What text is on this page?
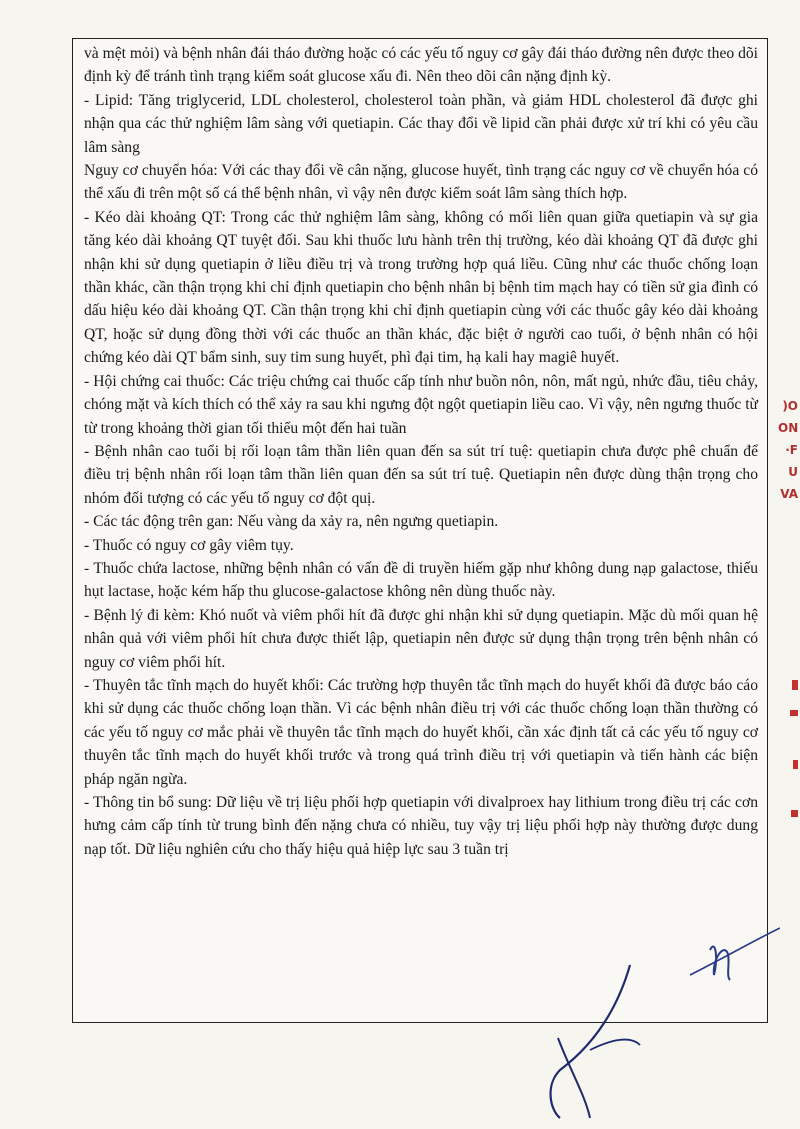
và mệt mỏi) và bệnh nhân đái tháo đường hoặc có các yếu tố nguy cơ gây đái tháo đường nên được theo dõi định kỳ để tránh tình trạng kiểm soát glucose xấu đi. Nên theo dõi cân nặng định kỳ.

- Lipid: Tăng triglycerid, LDL cholesterol, cholesterol toàn phần, và giảm HDL cholesterol đã được ghi nhận qua các thử nghiệm lâm sàng với quetiapin. Các thay đổi về lipid cần phải được xử trí khi có yêu cầu lâm sàng

Nguy cơ chuyển hóa: Với các thay đổi về cân nặng, glucose huyết, tình trạng các nguy cơ về chuyển hóa có thể xấu đi trên một số cá thể bệnh nhân, vì vậy nên được kiểm soát lâm sàng thích hợp.

- Kéo dài khoảng QT: Trong các thử nghiệm lâm sàng, không có mối liên quan giữa quetiapin và sự gia tăng kéo dài khoảng QT tuyệt đối. Sau khi thuốc lưu hành trên thị trường, kéo dài khoảng QT đã được ghi nhận khi sử dụng quetiapin ở liều điều trị và trong trường hợp quá liều. Cũng như các thuốc chống loạn thần khác, cần thận trọng khi chỉ định quetiapin cho bệnh nhân bị bệnh tim mạch hay có tiền sử gia đình có dấu hiệu kéo dài khoảng QT. Cần thận trọng khi chỉ định quetiapin cùng với các thuốc gây kéo dài khoảng QT, hoặc sử dụng đồng thời với các thuốc an thần khác, đặc biệt ở người cao tuổi, ở bệnh nhân có hội chứng kéo dài QT bẩm sinh, suy tim sung huyết, phì đại tim, hạ kali hay magiê huyết.

- Hội chứng cai thuốc: Các triệu chứng cai thuốc cấp tính như buồn nôn, nôn, mất ngủ, nhức đầu, tiêu chảy, chóng mặt và kích thích có thể xảy ra sau khi ngưng đột ngột quetiapin liều cao. Vì vậy, nên ngưng thuốc từ từ trong khoảng thời gian tối thiểu một đến hai tuần

- Bệnh nhân cao tuổi bị rối loạn tâm thần liên quan đến sa sút trí tuệ: quetiapin chưa được phê chuẩn để điều trị bệnh nhân rối loạn tâm thần liên quan đến sa sút trí tuệ. Quetiapin nên được dùng thận trọng cho nhóm đối tượng có các yếu tố nguy cơ đột quị.

- Các tác động trên gan: Nếu vàng da xảy ra, nên ngưng quetiapin.

- Thuốc có nguy cơ gây viêm tụy.

- Thuốc chứa lactose, những bệnh nhân có vấn đề di truyền hiếm gặp như không dung nạp galactose, thiếu hụt lactase, hoặc kém hấp thu glucose-galactose không nên dùng thuốc này.

- Bệnh lý đi kèm: Khó nuốt và viêm phổi hít đã được ghi nhận khi sử dụng quetiapin. Mặc dù mối quan hệ nhân quả với viêm phổi hít chưa được thiết lập, quetiapin nên được sử dụng thận trọng trên bệnh nhân có nguy cơ viêm phổi hít.

- Thuyên tắc tĩnh mạch do huyết khối: Các trường hợp thuyên tắc tĩnh mạch do huyết khối đã được báo cáo khi sử dụng các thuốc chống loạn thần. Vì các bệnh nhân điều trị với các thuốc chống loạn thần thường có các yếu tố nguy cơ mắc phải về thuyên tắc tĩnh mạch do huyết khối, cần xác định tất cả các yếu tố nguy cơ thuyên tắc tĩnh mạch do huyết khối trước và trong quá trình điều trị với quetiapin và tiến hành các biện pháp ngăn ngừa.

- Thông tin bổ sung: Dữ liệu về trị liệu phối hợp quetiapin với divalproex hay lithium trong điều trị các cơn hưng cảm cấp tính từ trung bình đến nặng chưa có nhiều, tuy vậy trị liệu phối hợp này thường được dung nạp tốt. Dữ liệu nghiên cứu cho thấy hiệu quả hiệp lực sau 3 tuần trị

)O
ON
·F
U
VA
